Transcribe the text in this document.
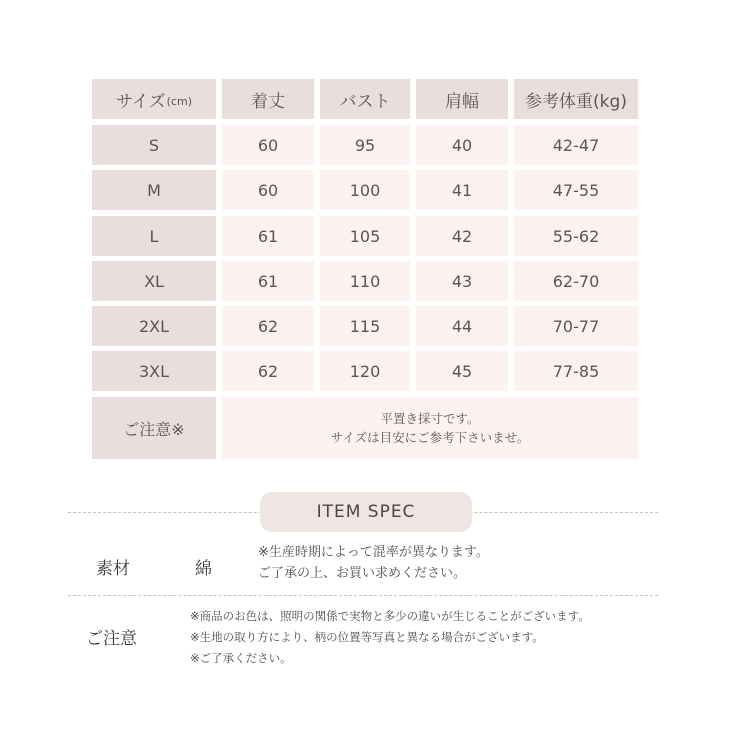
サイズ (cm)	着丈	バスト	肩幅	参考体重(kg)
S	60	95	40	42-47
M	60	100	41	47-55
L	61	105	42	55-62
XL	61	110	43	62-70
2XL	62	115	44	70-77
3XL	62	120	45	77-85
ご注意※
平置き採寸です。
サイズは目安にご参考下さいませ。
ITEM SPEC
素材	綿
※生産時期によって混率が異なります。
ご了承の上、お買い求めください。
ご注意
※商品のお色は、照明の関係で実物と多少の違いが生じることがございます。
※生地の取り方により、柄の位置等写真と異なる場合がございます。
※ご了承ください。
